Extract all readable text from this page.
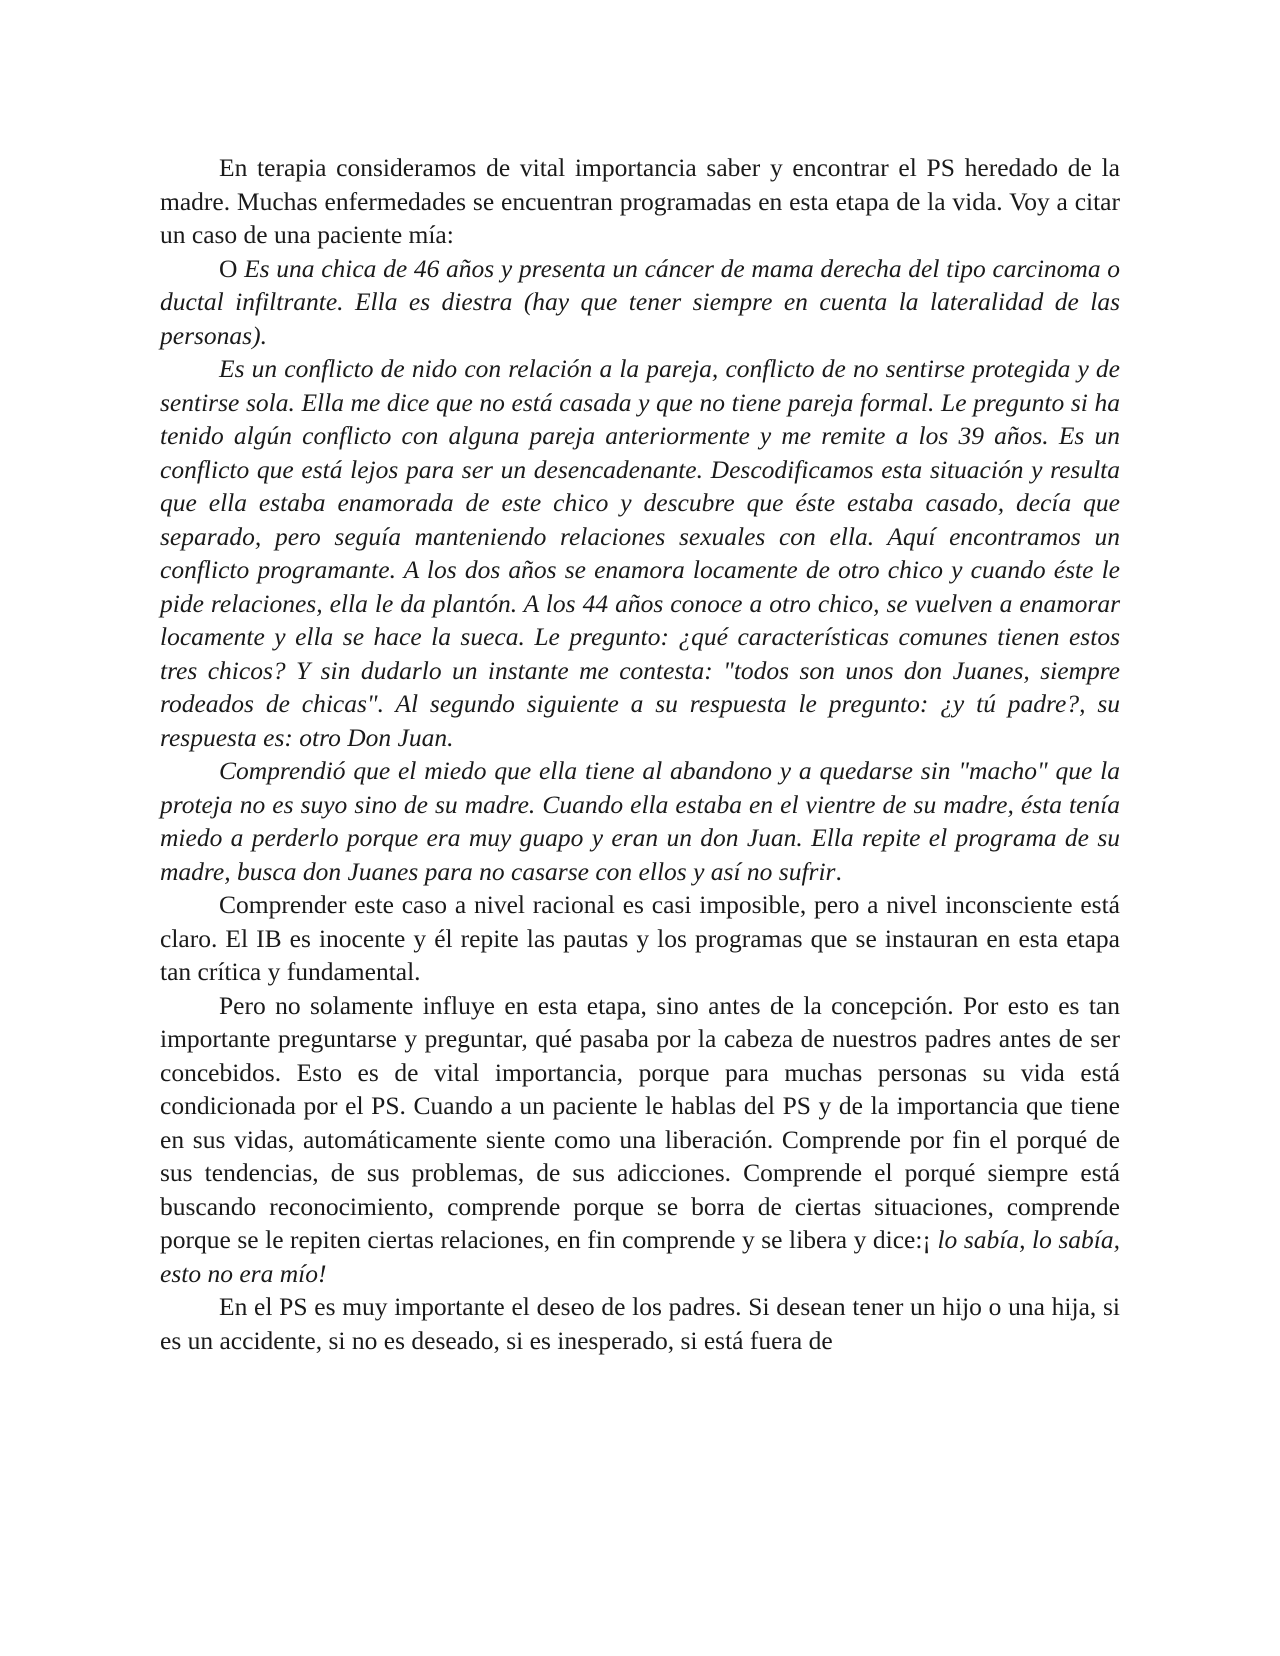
En terapia consideramos de vital importancia saber y encontrar el PS heredado de la madre. Muchas enfermedades se encuentran programadas en esta etapa de la vida. Voy a citar un caso de una paciente mía:

O Es una chica de 46 años y presenta un cáncer de mama derecha del tipo carcinoma o ductal infiltrante. Ella es diestra (hay que tener siempre en cuenta la lateralidad de las personas).

Es un conflicto de nido con relación a la pareja, conflicto de no sentirse protegida y de sentirse sola. Ella me dice que no está casada y que no tiene pareja formal. Le pregunto si ha tenido algún conflicto con alguna pareja anteriormente y me remite a los 39 años. Es un conflicto que está lejos para ser un desencadenante. Descodificamos esta situación y resulta que ella estaba enamorada de este chico y descubre que éste estaba casado, decía que separado, pero seguía manteniendo relaciones sexuales con ella. Aquí encontramos un conflicto programante. A los dos años se enamora locamente de otro chico y cuando éste le pide relaciones, ella le da plantón. A los 44 años conoce a otro chico, se vuelven a enamorar locamente y ella se hace la sueca. Le pregunto: ¿qué características comunes tienen estos tres chicos? Y sin dudarlo un instante me contesta: "todos son unos don Juanes, siempre rodeados de chicas". Al segundo siguiente a su respuesta le pregunto: ¿y tú padre?, su respuesta es: otro Don Juan.

Comprendió que el miedo que ella tiene al abandono y a quedarse sin "macho" que la proteja no es suyo sino de su madre. Cuando ella estaba en el vientre de su madre, ésta tenía miedo a perderlo porque era muy guapo y eran un don Juan. Ella repite el programa de su madre, busca don Juanes para no casarse con ellos y así no sufrir.

Comprender este caso a nivel racional es casi imposible, pero a nivel inconsciente está claro. El IB es inocente y él repite las pautas y los programas que se instauran en esta etapa tan crítica y fundamental.

Pero no solamente influye en esta etapa, sino antes de la concepción. Por esto es tan importante preguntarse y preguntar, qué pasaba por la cabeza de nuestros padres antes de ser concebidos. Esto es de vital importancia, porque para muchas personas su vida está condicionada por el PS. Cuando a un paciente le hablas del PS y de la importancia que tiene en sus vidas, automáticamente siente como una liberación. Comprende por fin el porqué de sus tendencias, de sus problemas, de sus adicciones. Comprende el porqué siempre está buscando reconocimiento, comprende porque se borra de ciertas situaciones, comprende porque se le repiten ciertas relaciones, en fin comprende y se libera y dice:¡ lo sabía, lo sabía, esto no era mío!

En el PS es muy importante el deseo de los padres. Si desean tener un hijo o una hija, si es un accidente, si no es deseado, si es inesperado, si está fuera de
